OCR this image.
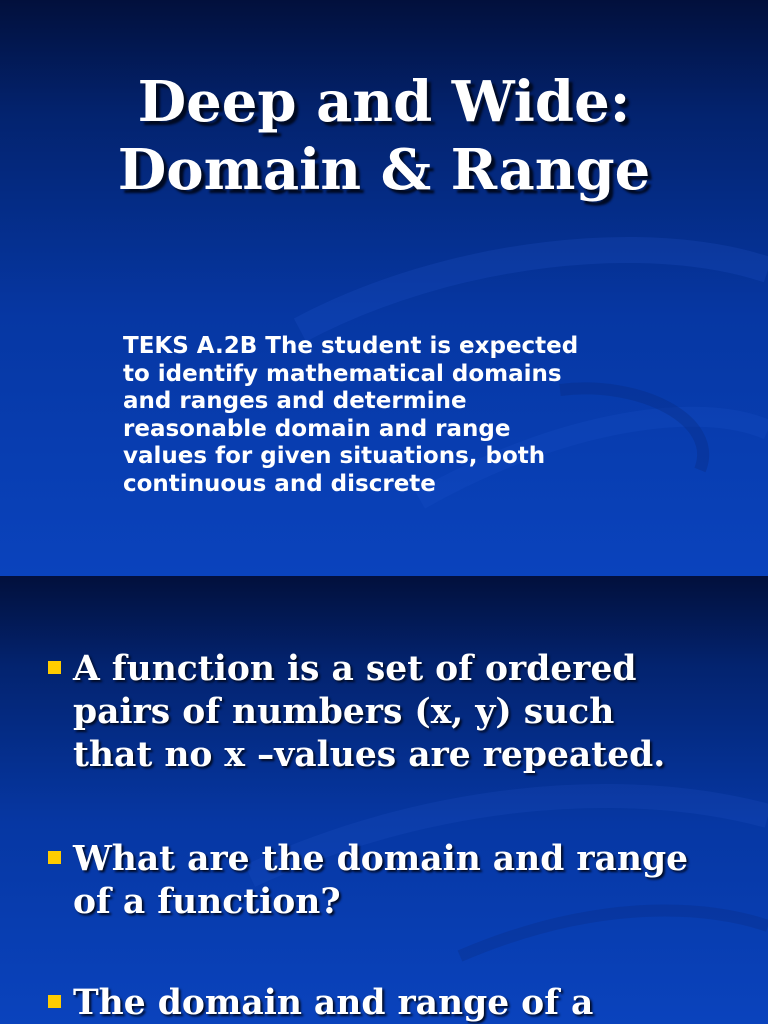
Deep and Wide:
Domain & Range

TEKS A.2B The student is expected
to identify mathematical domains
and ranges and determine
reasonable domain and range
values for given situations, both
continuous and discrete

A function is a set of ordered
pairs of numbers (x, y) such
that no x –values are repeated.
What are the domain and range
of a function?
The domain and range of a
